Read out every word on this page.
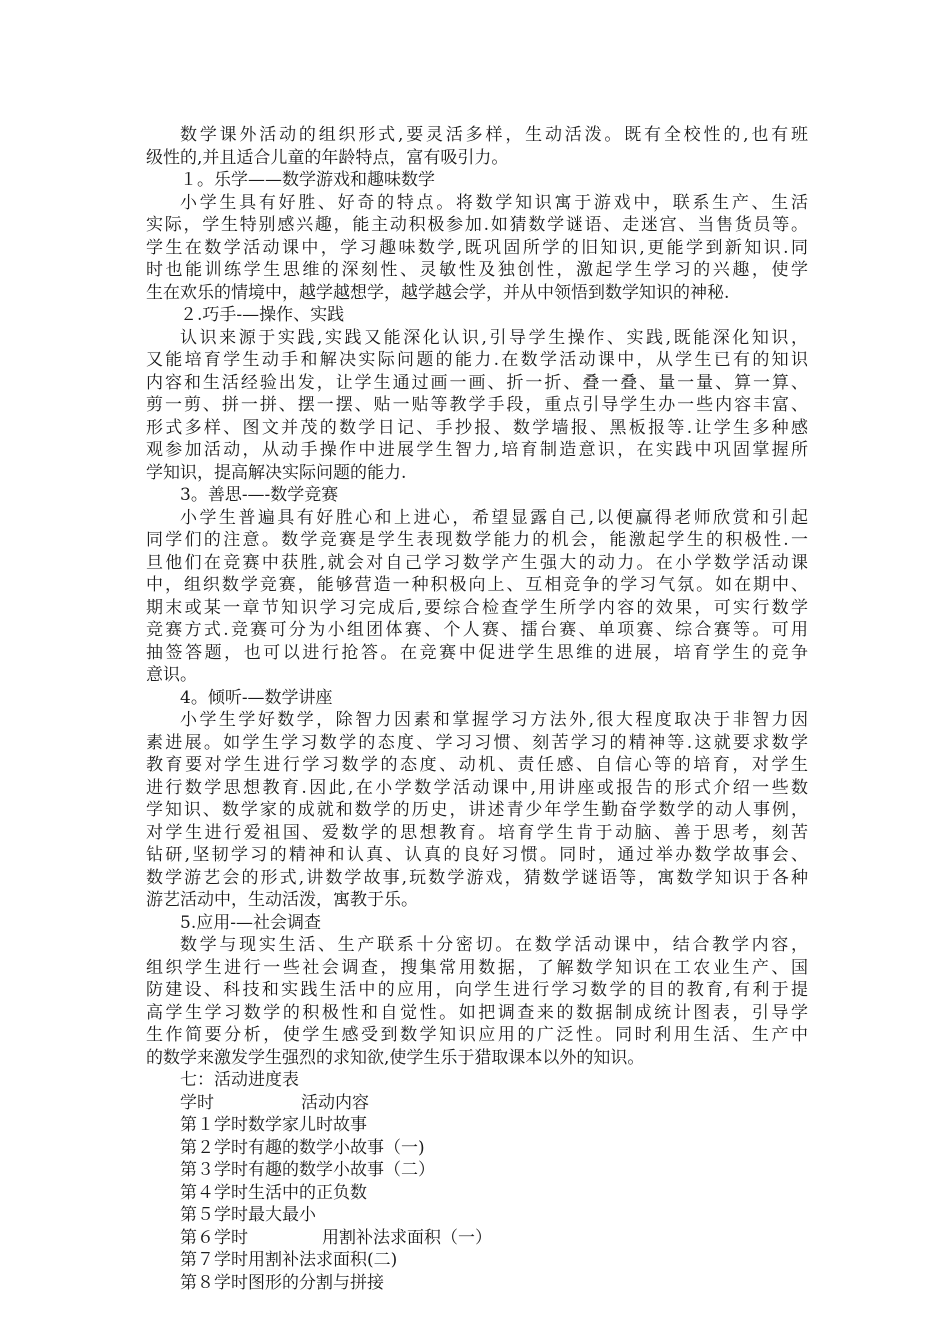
数学课外活动的组织形式,要灵活多样，生动活泼。既有全校性的,也有班
级性的,并且适合儿童的年龄特点，富有吸引力。
１。乐学——数学游戏和趣味数学
小学生具有好胜、好奇的特点。将数学知识寓于游戏中，联系生产、生活
实际，学生特别感兴趣，能主动积极参加.如猜数学谜语、走迷宫、当售货员等。
学生在数学活动课中，学习趣味数学,既巩固所学的旧知识,更能学到新知识.同
时也能训练学生思维的深刻性、灵敏性及独创性，激起学生学习的兴趣，使学
生在欢乐的情境中，越学越想学，越学越会学，并从中领悟到数学知识的神秘.
２.巧手-—操作、实践
认识来源于实践,实践又能深化认识,引导学生操作、实践,既能深化知识，
又能培育学生动手和解决实际问题的能力.在数学活动课中，从学生已有的知识
内容和生活经验出发，让学生通过画一画、折一折、叠一叠、量一量、算一算、
剪一剪、拼一拼、摆一摆、贴一贴等教学手段，重点引导学生办一些内容丰富、
形式多样、图文并茂的数学日记、手抄报、数学墙报、黑板报等.让学生多种感
观参加活动，从动手操作中进展学生智力,培育制造意识，在实践中巩固掌握所
学知识，提高解决实际问题的能力.
3。善思-—-数学竞赛
小学生普遍具有好胜心和上进心，希望显露自己,以便赢得老师欣赏和引起
同学们的注意。数学竞赛是学生表现数学能力的机会，能激起学生的积极性.一
旦他们在竞赛中获胜,就会对自己学习数学产生强大的动力。在小学数学活动课
中，组织数学竞赛，能够营造一种积极向上、互相竞争的学习气氛。如在期中、
期末或某一章节知识学习完成后,要综合检查学生所学内容的效果，可实行数学
竞赛方式.竞赛可分为小组团体赛、个人赛、擂台赛、单项赛、综合赛等。可用
抽签答题，也可以进行抢答。在竞赛中促进学生思维的进展，培育学生的竞争
意识。
4。倾听-—数学讲座
小学生学好数学，除智力因素和掌握学习方法外,很大程度取决于非智力因
素进展。如学生学习数学的态度、学习习惯、刻苦学习的精神等.这就要求数学
教育要对学生进行学习数学的态度、动机、责任感、自信心等的培育，对学生
进行数学思想教育.因此,在小学数学活动课中,用讲座或报告的形式介绍一些数
学知识、数学家的成就和数学的历史，讲述青少年学生勤奋学数学的动人事例，
对学生进行爱祖国、爱数学的思想教育。培育学生肯于动脑、善于思考，刻苦
钻研,坚韧学习的精神和认真、认真的良好习惯。同时，通过举办数学故事会、
数学游艺会的形式,讲数学故事,玩数学游戏，猜数学谜语等，寓数学知识于各种
游艺活动中，生动活泼，寓教于乐。
5.应用-—社会调查
数学与现实生活、生产联系十分密切。在数学活动课中，结合教学内容，
组织学生进行一些社会调查，搜集常用数据，了解数学知识在工农业生产、国
防建设、科技和实践生活中的应用，向学生进行学习数学的目的教育,有利于提
高学生学习数学的积极性和自觉性。如把调查来的数据制成统计图表，引导学
生作简要分析，使学生感受到数学知识应用的广泛性。同时利用生活、生产中
的数学来激发学生强烈的求知欲,使学生乐于猎取课本以外的知识。
七：活动进度表
学时	活动内容
第１学时数学家儿时故事
第２学时有趣的数学小故事（一)
第３学时有趣的数学小故事（二）
第４学时生活中的正负数
第５学时最大最小
第６学时	用割补法求面积（一）
第７学时用割补法求面积(二)
第８学时图形的分割与拼接
